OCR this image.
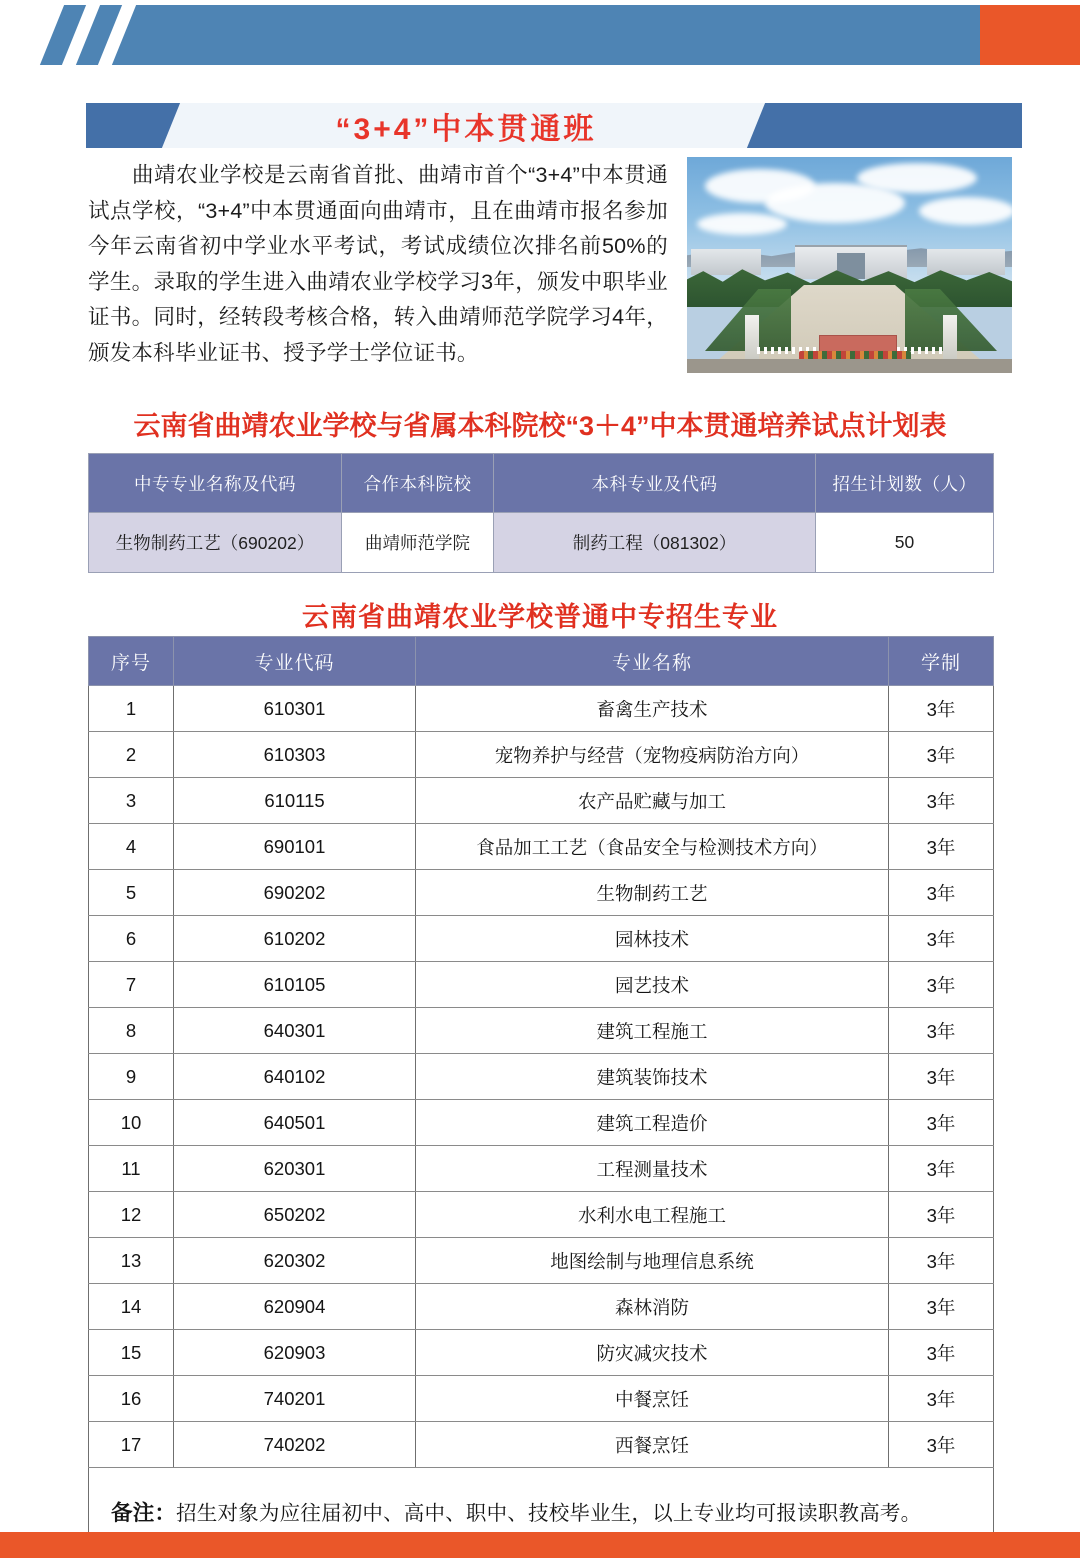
“3+4”中本贯通班
曲靖农业学校是云南省首批、曲靖市首个“3+4”中本贯通试点学校，“3+4”中本贯通面向曲靖市，且在曲靖市报名参加今年云南省初中学业水平考试，考试成绩位次排名前50%的学生。录取的学生进入曲靖农业学校学习3年，颁发中职毕业证书。同时，经转段考核合格，转入曲靖师范学院学习4年，颁发本科毕业证书、授予学士学位证书。
云南省曲靖农业学校与省属本科院校“3＋4”中本贯通培养试点计划表
中专专业名称及代码	合作本科院校	本科专业及代码	招生计划数（人）
生物制药工艺（690202）	曲靖师范学院	制药工程（081302）	50
云南省曲靖农业学校普通中专招生专业
序号	专业代码	专业名称	学制
1	610301	畜禽生产技术	3年
2	610303	宠物养护与经营（宠物疫病防治方向）	3年
3	610115	农产品贮藏与加工	3年
4	690101	食品加工工艺（食品安全与检测技术方向）	3年
5	690202	生物制药工艺	3年
6	610202	园林技术	3年
7	610105	园艺技术	3年
8	640301	建筑工程施工	3年
9	640102	建筑装饰技术	3年
10	640501	建筑工程造价	3年
11	620301	工程测量技术	3年
12	650202	水利水电工程施工	3年
13	620302	地图绘制与地理信息系统	3年
14	620904	森林消防	3年
15	620903	防灾减灾技术	3年
16	740201	中餐烹饪	3年
17	740202	西餐烹饪	3年
备注：招生对象为应往届初中、高中、职中、技校毕业生，以上专业均可报读职教高考。			
